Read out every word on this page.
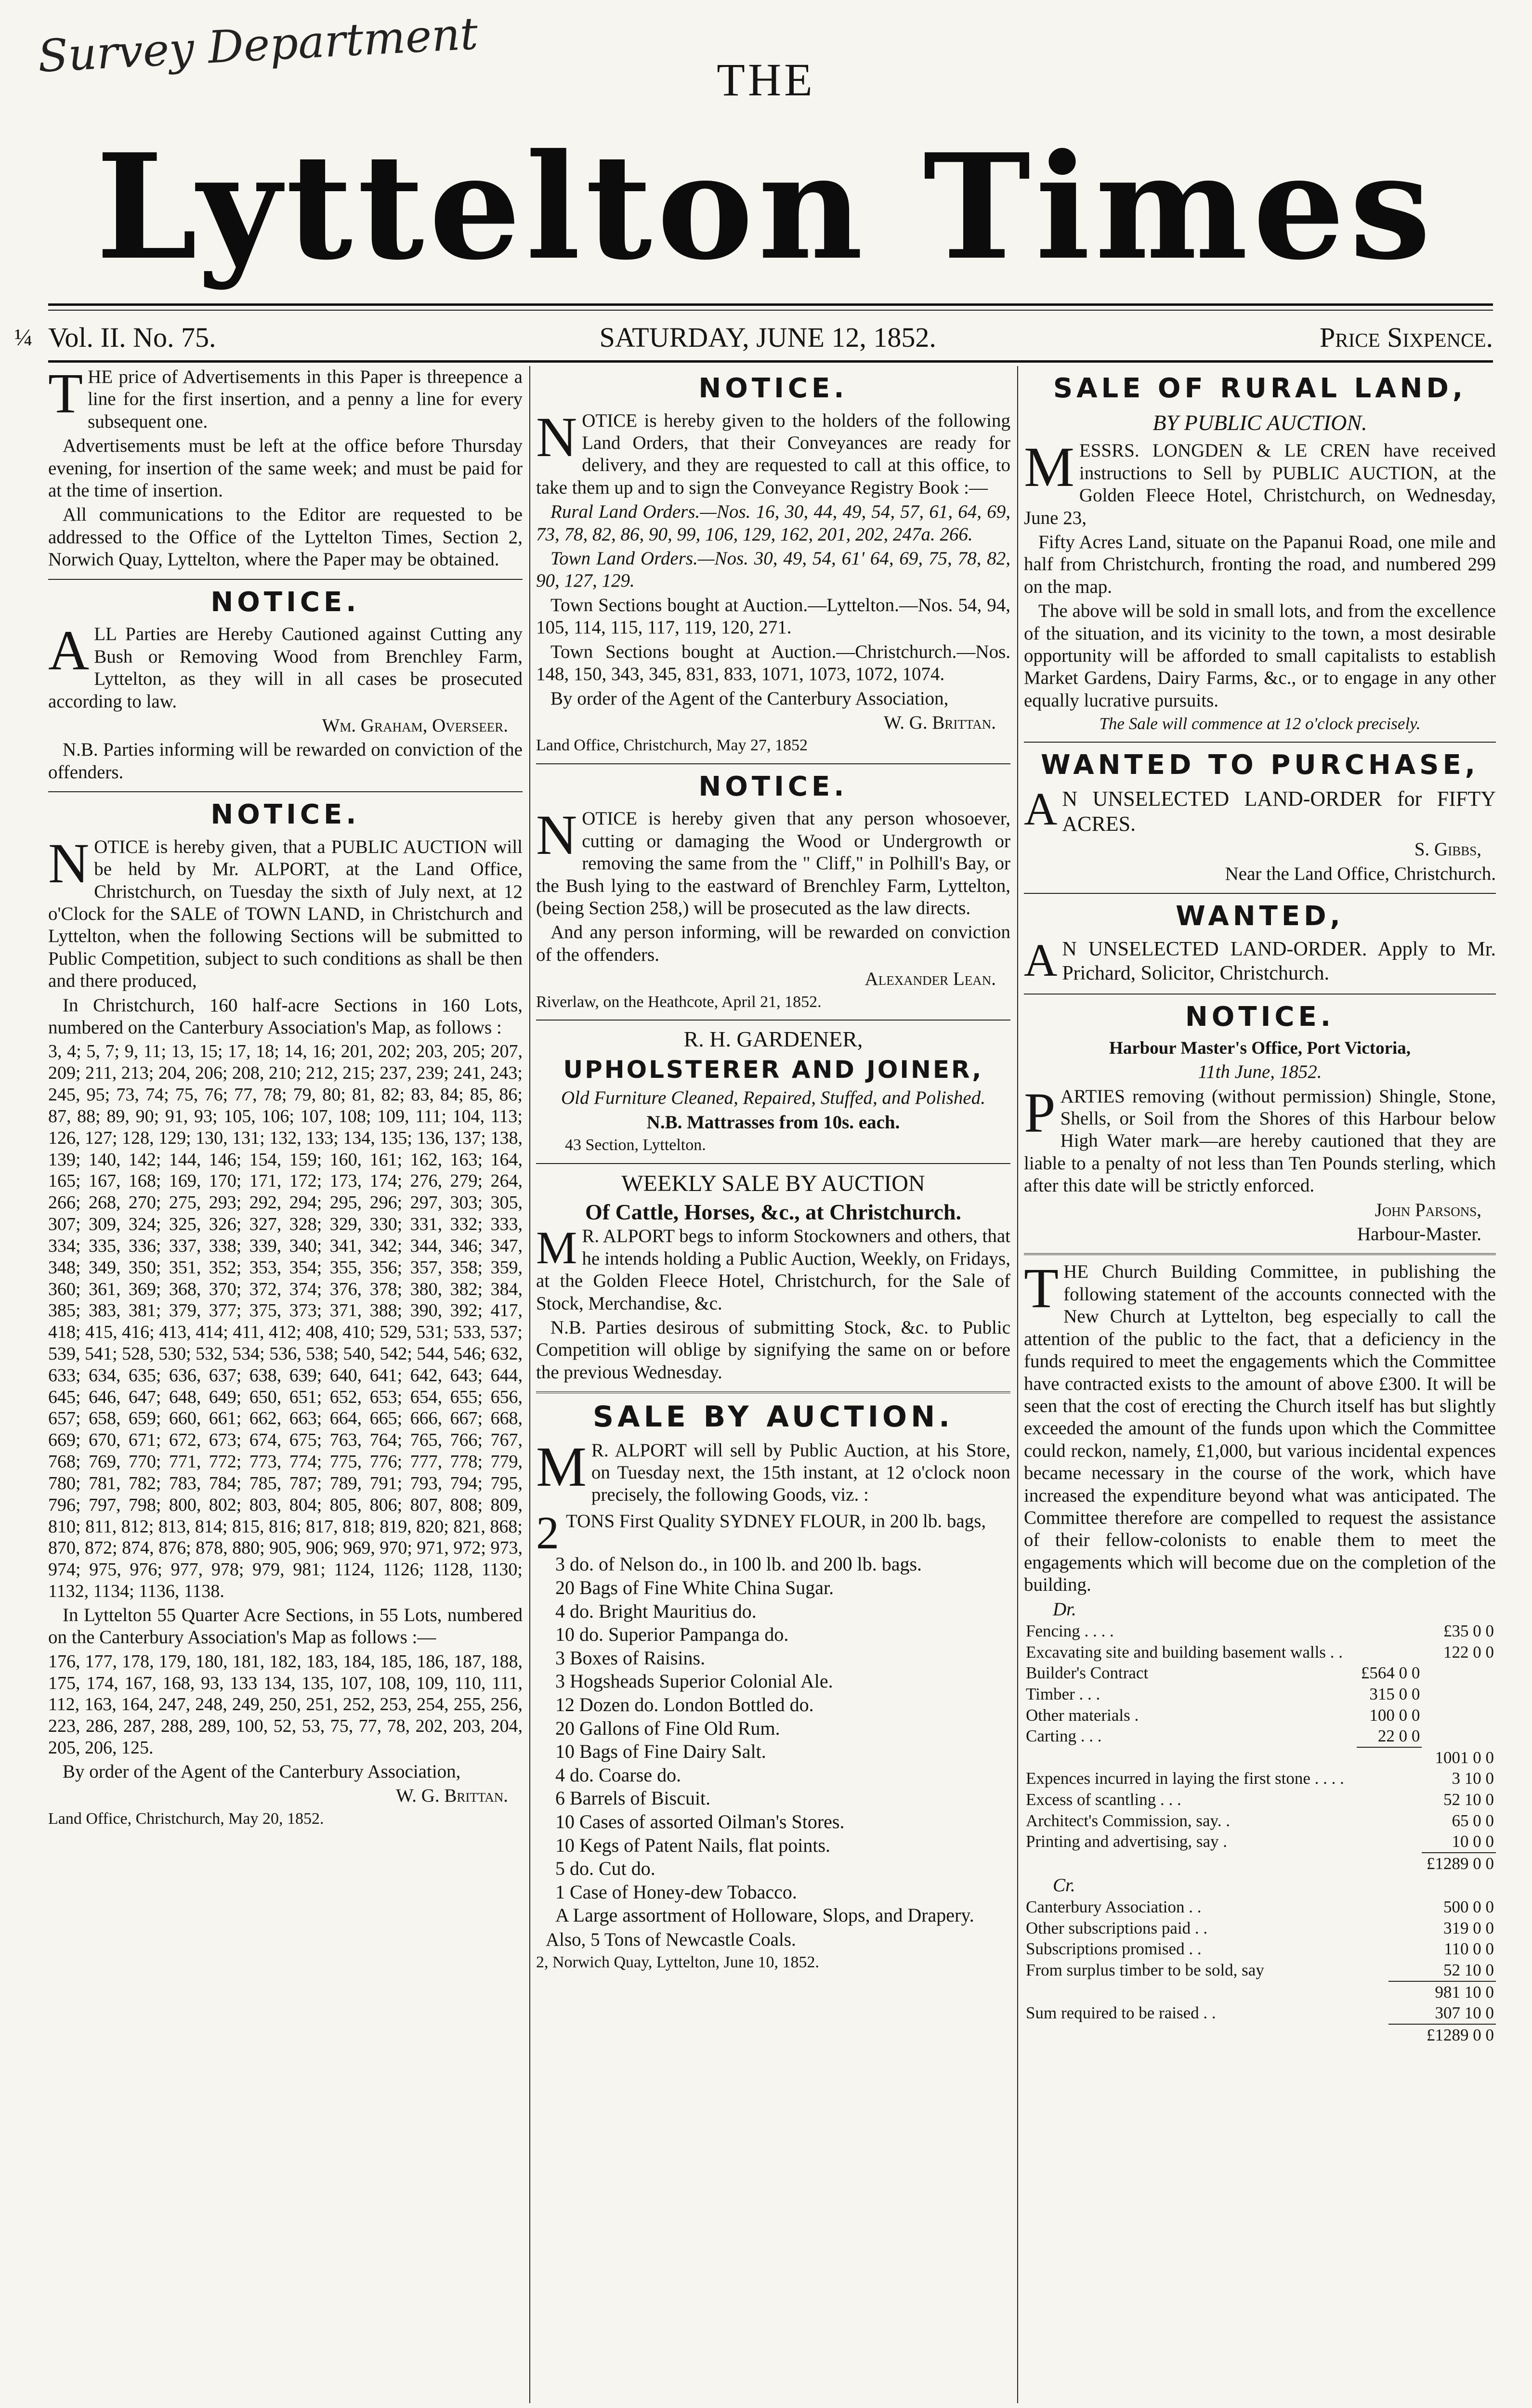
Survey Department	THE
Lyttelton Times
¼ Vol. II. No. 75.	SATURDAY, JUNE 12, 1852.	Price Sixpence.

THE price of Advertisements in this Paper is threepence a line for the first insertion, and a penny a line for every subsequent one.

Advertisements must be left at the office before Thursday evening, for insertion of the same week; and must be paid for at the time of insertion.

All communications to the Editor are requested to be addressed to the Office of the Lyttelton Times, Section 2, Norwich Quay, Lyttelton, where the Paper may be obtained.

NOTICE.

ALL Parties are Hereby Cautioned against Cutting any Bush or Removing Wood from Brenchley Farm, Lyttelton, as they will in all cases be prosecuted according to law.

Wm. Graham, Overseer.

N.B. Parties informing will be rewarded on conviction of the offenders.

NOTICE.

NOTICE is hereby given, that a PUBLIC AUCTION will be held by Mr. ALPORT, at the Land Office, Christchurch, on Tuesday the sixth of July next, at 12 o'Clock for the SALE of TOWN LAND, in Christchurch and Lyttelton, when the following Sections will be submitted to Public Competition, subject to such conditions as shall be then and there produced,

In Christchurch, 160 half-acre Sections in 160 Lots, numbered on the Canterbury Association's Map, as follows :

3, 4; 5, 7; 9, 11; 13, 15; 17, 18; 14, 16; 201, 202; 203, 205; 207, 209; 211, 213; 204, 206; 208, 210; 212, 215; 237, 239; 241, 243; 245, 95; 73, 74; 75, 76; 77, 78; 79, 80; 81, 82; 83, 84; 85, 86; 87, 88; 89, 90; 91, 93; 105, 106; 107, 108; 109, 111; 104, 113; 126, 127; 128, 129; 130, 131; 132, 133; 134, 135; 136, 137; 138, 139; 140, 142; 144, 146; 154, 159; 160, 161; 162, 163; 164, 165; 167, 168; 169, 170; 171, 172; 173, 174; 276, 279; 264, 266; 268, 270; 275, 293; 292, 294; 295, 296; 297, 303; 305, 307; 309, 324; 325, 326; 327, 328; 329, 330; 331, 332; 333, 334; 335, 336; 337, 338; 339, 340; 341, 342; 344, 346; 347, 348; 349, 350; 351, 352; 353, 354; 355, 356; 357, 358; 359, 360; 361, 369; 368, 370; 372, 374; 376, 378; 380, 382; 384, 385; 383, 381; 379, 377; 375, 373; 371, 388; 390, 392; 417, 418; 415, 416; 413, 414; 411, 412; 408, 410; 529, 531; 533, 537; 539, 541; 528, 530; 532, 534; 536, 538; 540, 542; 544, 546; 632, 633; 634, 635; 636, 637; 638, 639; 640, 641; 642, 643; 644, 645; 646, 647; 648, 649; 650, 651; 652, 653; 654, 655; 656, 657; 658, 659; 660, 661; 662, 663; 664, 665; 666, 667; 668, 669; 670, 671; 672, 673; 674, 675; 763, 764; 765, 766; 767, 768; 769, 770; 771, 772; 773, 774; 775, 776; 777, 778; 779, 780; 781, 782; 783, 784; 785, 787; 789, 791; 793, 794; 795, 796; 797, 798; 800, 802; 803, 804; 805, 806; 807, 808; 809, 810; 811, 812; 813, 814; 815, 816; 817, 818; 819, 820; 821, 868; 870, 872; 874, 876; 878, 880; 905, 906; 969, 970; 971, 972; 973, 974; 975, 976; 977, 978; 979, 981; 1124, 1126; 1128, 1130; 1132, 1134; 1136, 1138.

In Lyttelton 55 Quarter Acre Sections, in 55 Lots, numbered on the Canterbury Association's Map as follows :—

176, 177, 178, 179, 180, 181, 182, 183, 184, 185, 186, 187, 188, 175, 174, 167, 168, 93, 133 134, 135, 107, 108, 109, 110, 111, 112, 163, 164, 247, 248, 249, 250, 251, 252, 253, 254, 255, 256, 223, 286, 287, 288, 289, 100, 52, 53, 75, 77, 78, 202, 203, 204, 205, 206, 125.

By order of the Agent of the Canterbury Association,

W. G. Brittan.

Land Office, Christchurch, May 20, 1852.

NOTICE.

NOTICE is hereby given to the holders of the following Land Orders, that their Conveyances are ready for delivery, and they are requested to call at this office, to take them up and to sign the Conveyance Registry Book :—

Rural Land Orders.—Nos. 16, 30, 44, 49, 54, 57, 61, 64, 69, 73, 78, 82, 86, 90, 99, 106, 129, 162, 201, 202, 247a. 266.

Town Land Orders.—Nos. 30, 49, 54, 61' 64, 69, 75, 78, 82, 90, 127, 129.

Town Sections bought at Auction.—Lyttelton.—Nos. 54, 94, 105, 114, 115, 117, 119, 120, 271.

Town Sections bought at Auction.—Christchurch.—Nos. 148, 150, 343, 345, 831, 833, 1071, 1073, 1072, 1074.

By order of the Agent of the Canterbury Association,

W. G. Brittan.

Land Office, Christchurch, May 27, 1852

NOTICE.

NOTICE is hereby given that any person whosoever, cutting or damaging the Wood or Undergrowth or removing the same from the " Cliff," in Polhill's Bay, or the Bush lying to the eastward of Brenchley Farm, Lyttelton, (being Section 258,) will be prosecuted as the law directs.

And any person informing, will be rewarded on conviction of the offenders.

Alexander Lean.

Riverlaw, on the Heathcote, April 21, 1852.

R. H. GARDENER,

UPHOLSTERER AND JOINER,

Old Furniture Cleaned, Repaired, Stuffed, and Polished.

N.B. Mattrasses from 10s. each.

43 Section, Lyttelton.

WEEKLY SALE BY AUCTION

Of Cattle, Horses, &c., at Christchurch.

M R. ALPORT begs to inform Stockowners and others, that he intends holding a Public Auction, Weekly, on Fridays, at the Golden Fleece Hotel, Christchurch, for the Sale of Stock, Merchandise, &c.

N.B. Parties desirous of submitting Stock, &c. to Public Competition will oblige by signifying the same on or before the previous Wednesday.

SALE BY AUCTION.

M R. ALPORT will sell by Public Auction, at his Store, on Tuesday next, the 15th instant, at 12 o'clock noon precisely, the following Goods, viz. :

2 TONS First Quality SYDNEY FLOUR, in 200 lb. bags,

3 do. of Nelson do., in 100 lb. and 200 lb. bags.
20 Bags of Fine White China Sugar.
4 do. Bright Mauritius do.
10 do. Superior Pampanga do.
3 Boxes of Raisins.
3 Hogsheads Superior Colonial Ale.
12 Dozen do. London Bottled do.
20 Gallons of Fine Old Rum.
10 Bags of Fine Dairy Salt.
4 do. Coarse do.
6 Barrels of Biscuit.
10 Cases of assorted Oilman's Stores.
10 Kegs of Patent Nails, flat points.
5 do. Cut do.
1 Case of Honey-dew Tobacco.
A Large assortment of Holloware, Slops, and Drapery.

Also, 5 Tons of Newcastle Coals.

2, Norwich Quay, Lyttelton, June 10, 1852.

SALE OF RURAL LAND,
BY PUBLIC AUCTION.

MESSRS. LONGDEN & LE CREN have received instructions to Sell by PUBLIC AUCTION, at the Golden Fleece Hotel, Christchurch, on Wednesday, June 23,

Fifty Acres Land, situate on the Papanui Road, one mile and half from Christchurch, fronting the road, and numbered 299 on the map.

The above will be sold in small lots, and from the excellence of the situation, and its vicinity to the town, a most desirable opportunity will be afforded to small capitalists to establish Market Gardens, Dairy Farms, &c., or to engage in any other equally lucrative pursuits.

The Sale will commence at 12 o'clock precisely.

WANTED TO PURCHASE,

A N UNSELECTED LAND-ORDER for FIFTY ACRES.

S. Gibbs,

Near the Land Office, Christchurch.

WANTED,

A N UNSELECTED LAND-ORDER. Apply to Mr. Prichard, Solicitor, Christchurch.

NOTICE.

Harbour Master's Office, Port Victoria,

11th June, 1852.

PARTIES removing (without permission) Shingle, Stone, Shells, or Soil from the Shores of this Harbour below High Water mark—are hereby cautioned that they are liable to a penalty of not less than Ten Pounds sterling, which after this date will be strictly enforced.

John Parsons,

Harbour-Master.

THE Church Building Committee, in publishing the following statement of the accounts connected with the New Church at Lyttelton, beg especially to call the attention of the public to the fact, that a deficiency in the funds required to meet the engagements which the Committee have contracted exists to the amount of above £300. It will be seen that the cost of erecting the Church itself has but slightly exceeded the amount of the funds upon which the Committee could reckon, namely, £1,000, but various incidental expences became necessary in the course of the work, which have increased the expenditure beyond what was anticipated. The Committee therefore are compelled to request the assistance of their fellow-colonists to enable them to meet the engagements which will become due on the completion of the building.

Dr.
Fencing . . . .		£35 0 0
Excavating site and building basement walls . .		122 0 0
Builder's Contract	£564 0 0	
Timber . . .	315 0 0	
Other materials .	100 0 0	
Carting . . .	22 0 0	
		1001 0 0
Expences incurred in laying the first stone . . . .		3 10 0
Excess of scantling . . .		52 10 0
Architect's Commission, say. .		65 0 0
Printing and advertising, say .		10 0 0
		£1289 0 0
Cr.
Canterbury Association . .	500 0 0
Other subscriptions paid . .	319 0 0
Subscriptions promised . .	110 0 0
From surplus timber to be sold, say	52 10 0
	981 10 0
Sum required to be raised . .	307 10 0
	£1289 0 0
